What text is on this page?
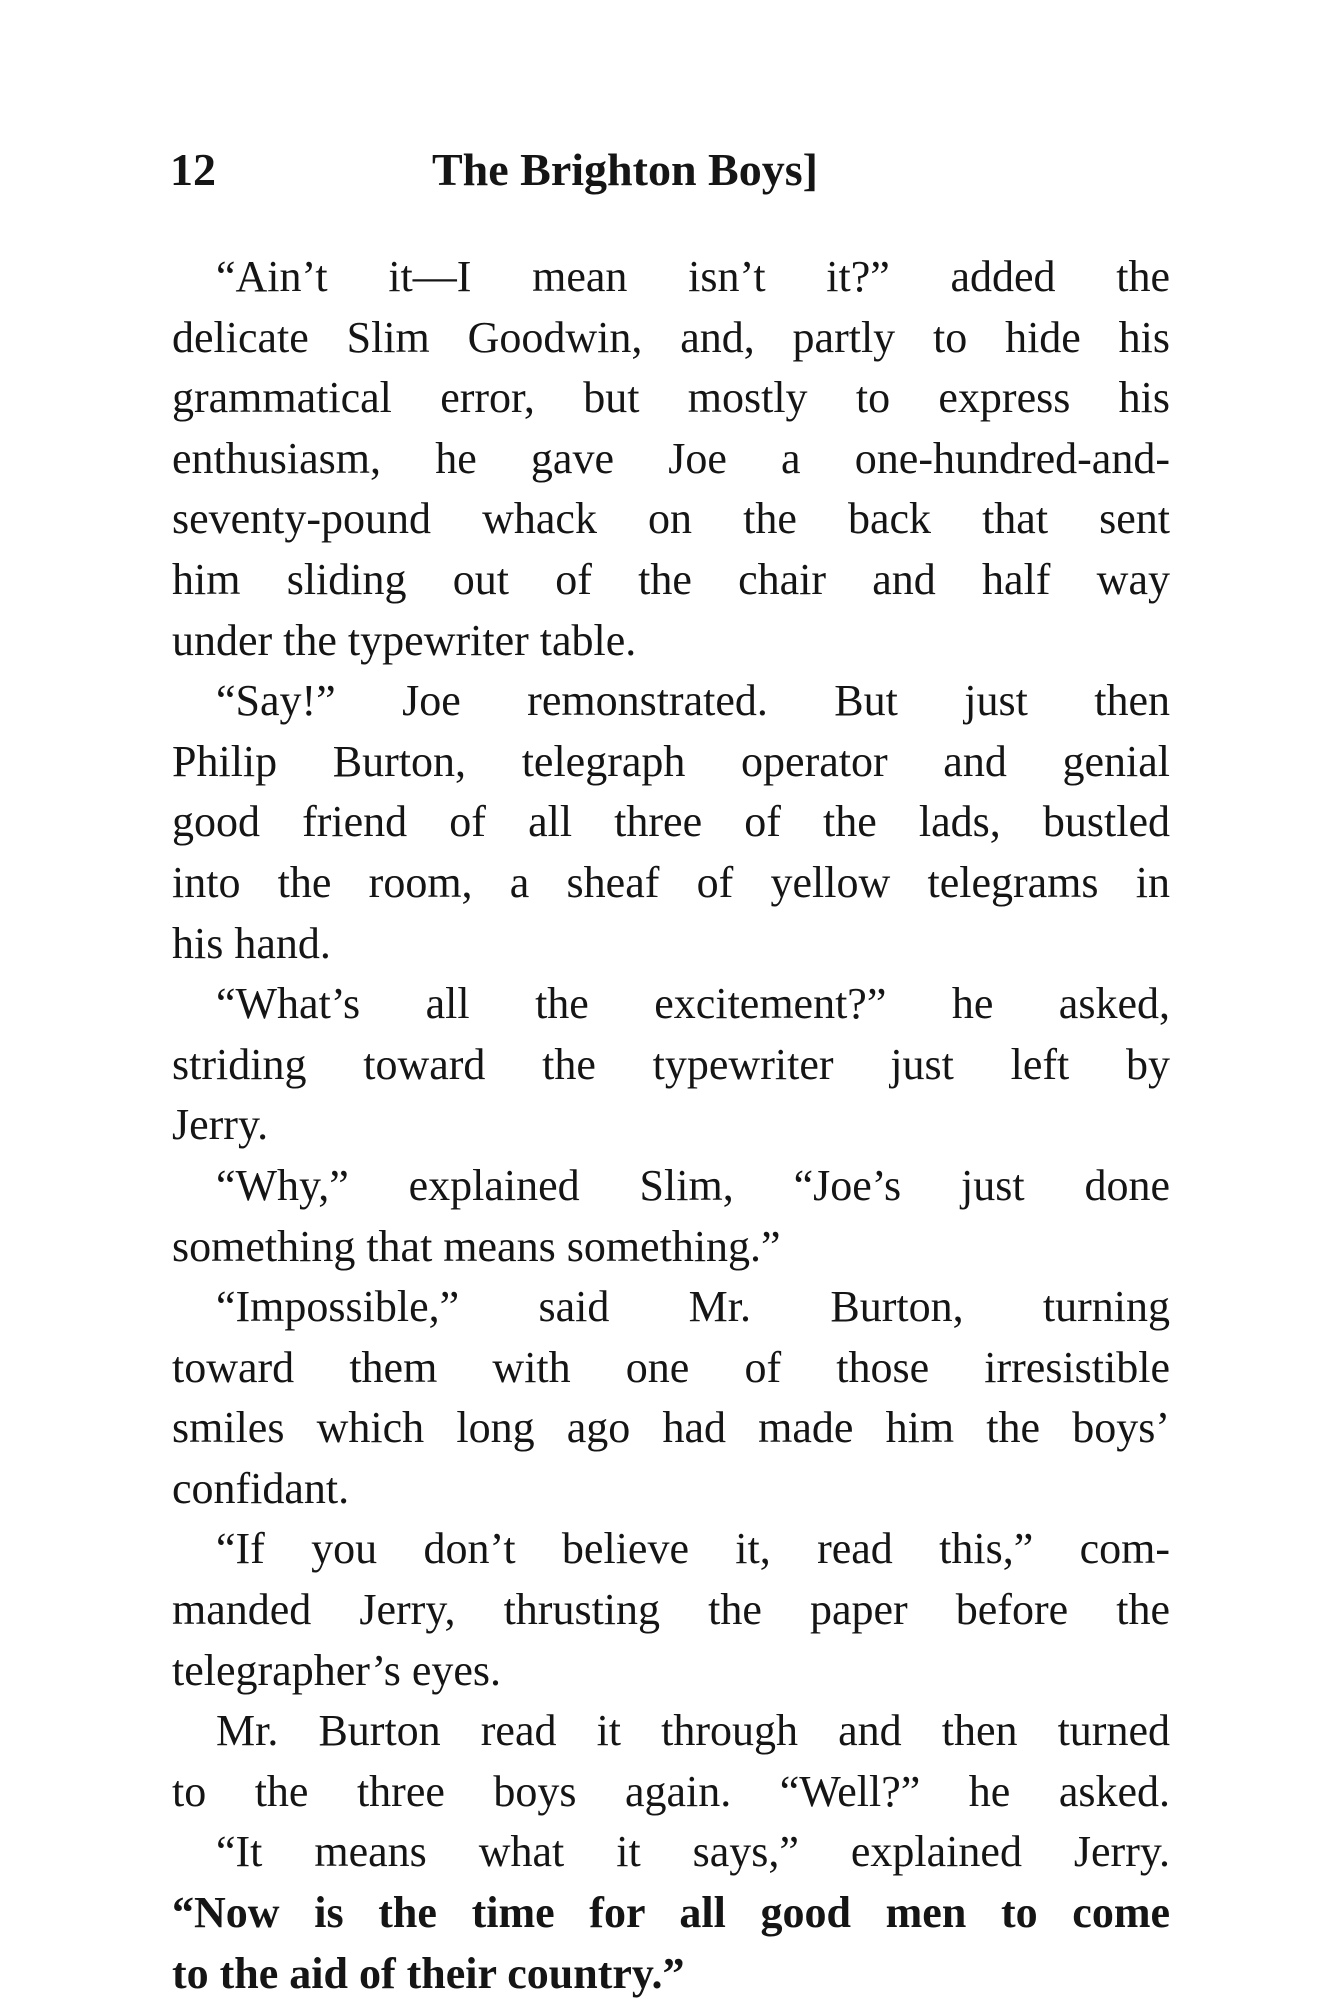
12	The Brighton Boys]
“Ain’t it—I mean isn’t it?” added the
delicate Slim Goodwin, and, partly to hide his
grammatical error, but mostly to express his
enthusiasm, he gave Joe a one-hundred-and-
seventy-pound whack on the back that sent
him sliding out of the chair and half way
under the typewriter table.
“Say!” Joe remonstrated. But just then
Philip Burton, telegraph operator and genial
good friend of all three of the lads, bustled
into the room, a sheaf of yellow telegrams in
his hand.
“What’s all the excitement?” he asked,
striding toward the typewriter just left by
Jerry.
“Why,” explained Slim, “Joe’s just done
something that means something.”
“Impossible,” said Mr. Burton, turning
toward them with one of those irresistible
smiles which long ago had made him the boys’
confidant.
“If you don’t believe it, read this,” com-
manded Jerry, thrusting the paper before the
telegrapher’s eyes.
Mr. Burton read it through and then turned
to the three boys again. “Well?” he asked.
“It means what it says,” explained Jerry.
“Now is the time for all good men to come
to the aid of their country.”
